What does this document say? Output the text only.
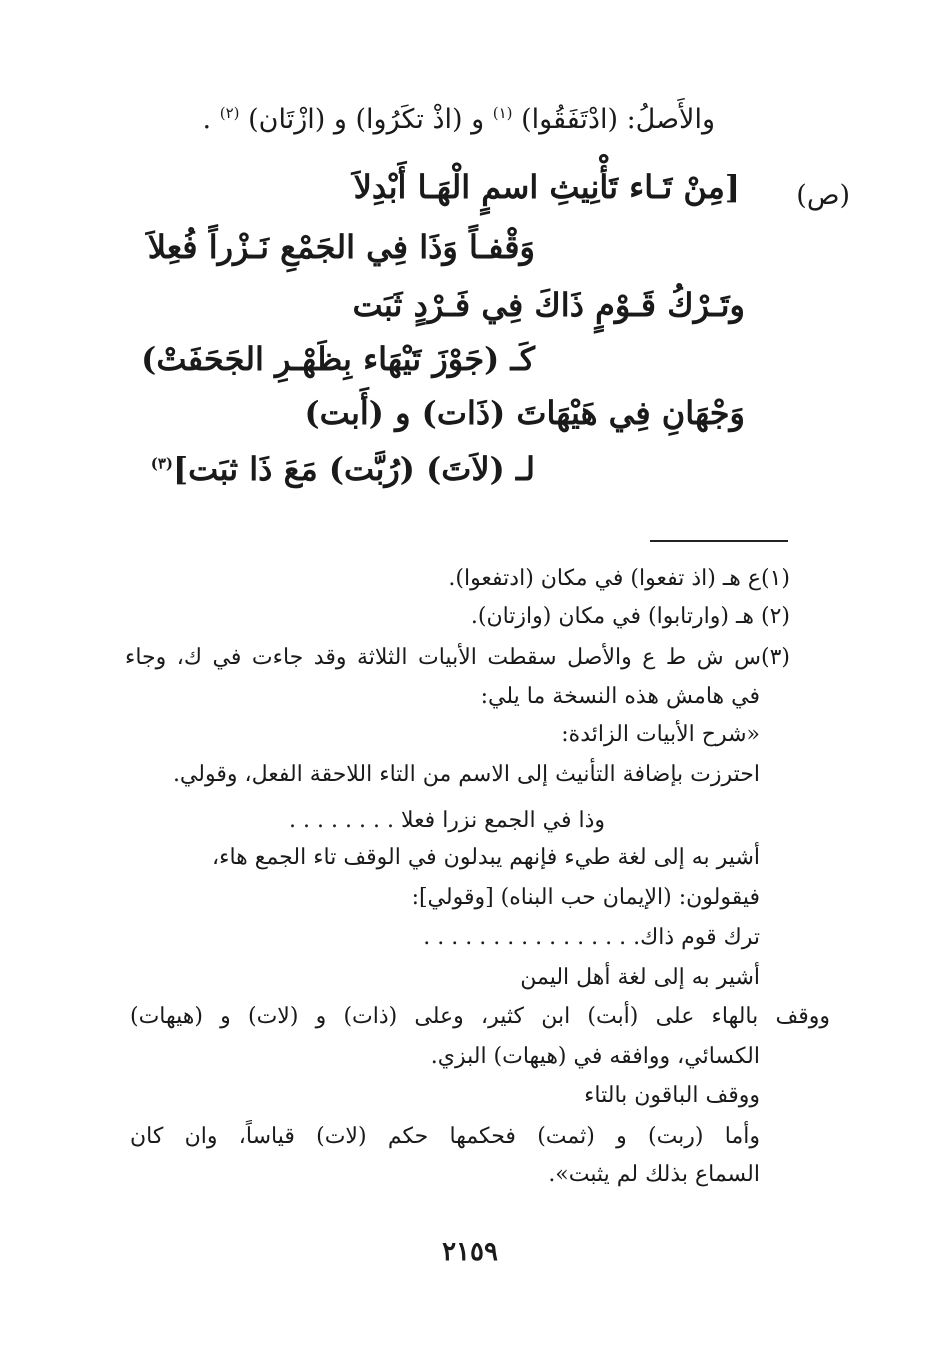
والأَصلُ: (ادْتَفَقُوا) $^{(١)}$ و (اذْ تكَرُوا) و (ازْتَان) $^{(٢)}$ .
(ص)
[مِنْ تَـاء تَأْنِيثِ اسمٍ الْهَـا أَبْدِلاَ
وَقْفـاً وَذَا فِي الجَمْعِ نَـزْراً فُعِلاَ
وتَـرْكُ قَـوْمٍ ذَاكَ فِي فَـرْدٍ ثَبَت
كَـ (جَوْزَ تَيْهَاء بِظَهْـرِ الجَحَفَتْ)
وَجْهَانِ فِي هَيْهَاتَ (ذَات) و (أَبت)
لـ (لاَتَ) (رُبَّت) مَعَ ذَا ثبَت]$^{(٣)}$
(١)ع هـ (اذ تفعوا) في مكان (ادتفعوا).
(٢) هـ (وارتابوا) في مكان (وازتان).
(٣)س ش ط ع والأصل سقطت الأبيات الثلاثة وقد جاءت في ك، وجاء
في هامش هذه النسخة ما يلي:
«شرح الأبيات الزائدة:
احترزت بإضافة التأنيث إلى الاسم من التاء اللاحقة الفعل، وقولي.
وذا في الجمع نزرا فعلا . . . . . . . .
أشير به إلى لغة طيء فإنهم يبدلون في الوقف تاء الجمع هاء،
فيقولون: (الإيمان حب البناه) [وقولي]:
ترك قوم ذاك. . . . . . . . . . . . . . . .
أشير به إلى لغة أهل اليمن
ووقف بالهاء على (أبت) ابن كثير، وعلى (ذات) و (لات) و (هيهات)
الكسائي، ووافقه في (هيهات) البزي.
ووقف الباقون بالتاء
وأما (ربت) و (ثمت) فحكمها حكم (لات) قياساً، وان كان
السماع بذلك لم يثبت».
٢١٥٩
